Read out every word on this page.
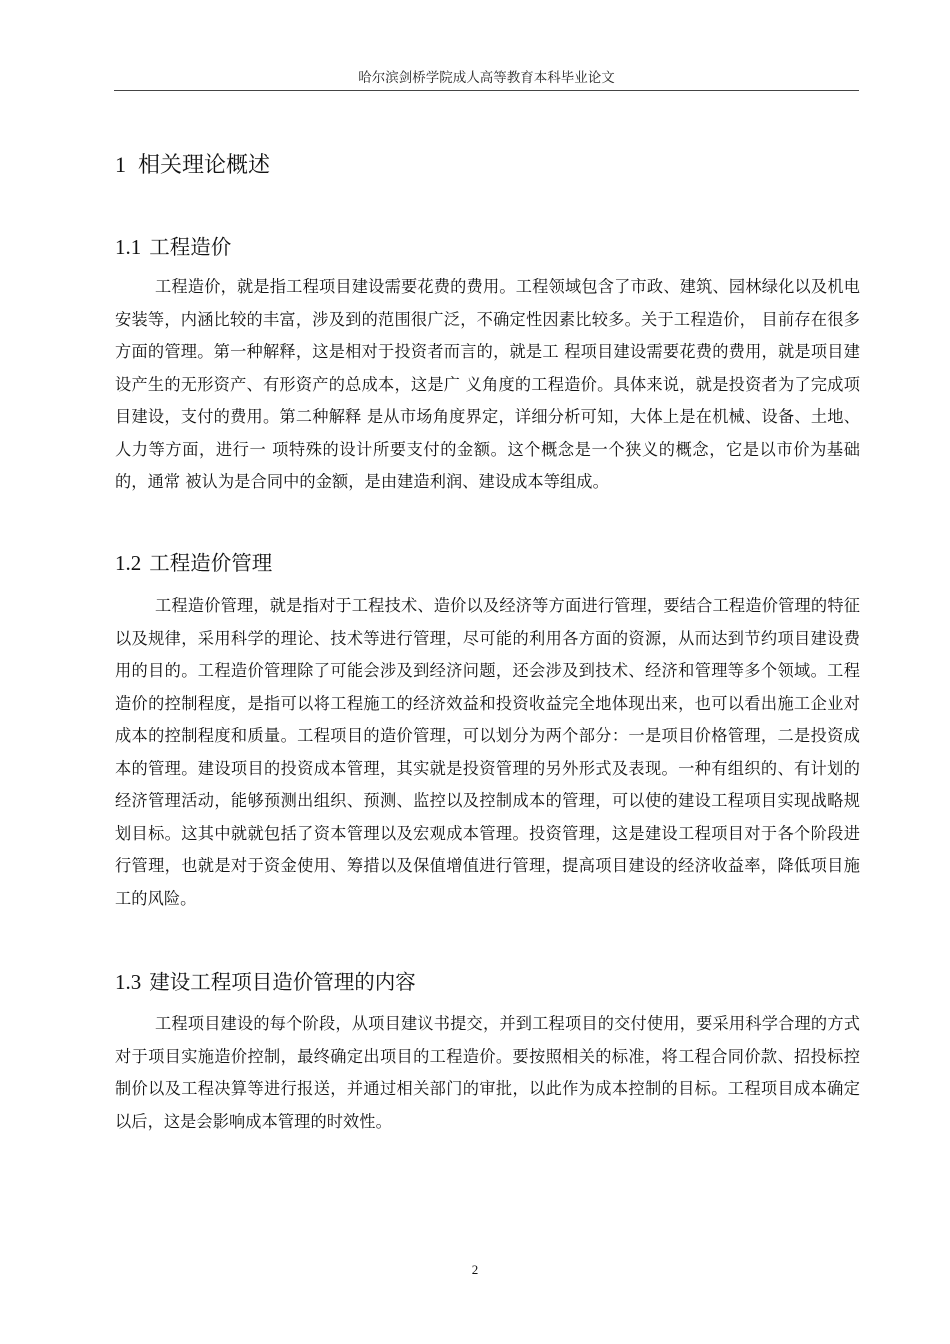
哈尔滨剑桥学院成人高等教育本科毕业论文
1 相关理论概述
1.1 工程造价

工程造价，就是指工程项目建设需要花费的费用。工程领域包含了市政、建筑、园林绿化以及机电安装等，内涵比较的丰富，涉及到的范围很广泛，不确定性因素比较多。关于工程造价， 目前存在很多方面的管理。第一种解释，这是相对于投资者而言的，就是工 程项目建设需要花费的费用，就是项目建设产生的无形资产、有形资产的总成本，这是广 义角度的工程造价。具体来说，就是投资者为了完成项目建设，支付的费用。第二种解释 是从市场角度界定，详细分析可知，大体上是在机械、设备、土地、人力等方面，进行一 项特殊的设计所要支付的金额。这个概念是一个狭义的概念，它是以市价为基础的，通常 被认为是合同中的金额，是由建造利润、建设成本等组成。

1.2 工程造价管理

工程造价管理，就是指对于工程技术、造价以及经济等方面进行管理，要结合工程造价管理的特征以及规律，采用科学的理论、技术等进行管理，尽可能的利用各方面的资源，从而达到节约项目建设费用的目的。工程造价管理除了可能会涉及到经济问题，还会涉及到技术、经济和管理等多个领域。工程造价的控制程度，是指可以将工程施工的经济效益和投资收益完全地体现出来，也可以看出施工企业对成本的控制程度和质量。工程项目的造价管理，可以划分为两个部分：一是项目价格管理，二是投资成本的管理。建设项目的投资成本管理，其实就是投资管理的另外形式及表现。一种有组织的、有计划的经济管理活动，能够预测出组织、预测、监控以及控制成本的管理，可以使的建设工程项目实现战略规划目标。这其中就就包括了资本管理以及宏观成本管理。投资管理，这是建设工程项目对于各个阶段进行管理，也就是对于资金使用、筹措以及保值增值进行管理，提高项目建设的经济收益率，降低项目施工的风险。

1.3 建设工程项目造价管理的内容

工程项目建设的每个阶段，从项目建议书提交，并到工程项目的交付使用，要采用科学合理的方式对于项目实施造价控制，最终确定出项目的工程造价。要按照相关的标准，将工程合同价款、招投标控制价以及工程决算等进行报送，并通过相关部门的审批，以此作为成本控制的目标。工程项目成本确定以后，这是会影响成本管理的时效性。

2
